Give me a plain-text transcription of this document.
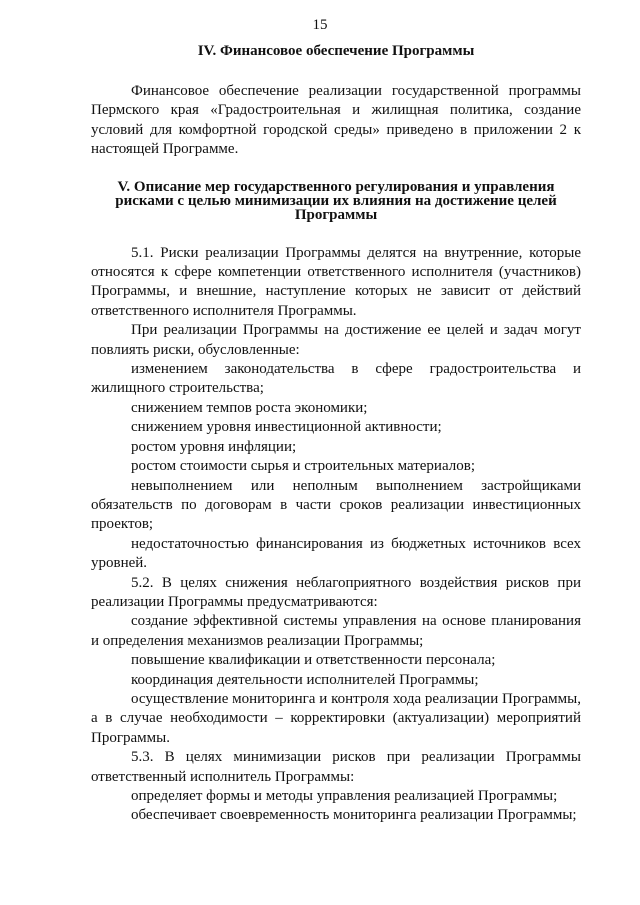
15

IV. Финансовое обеспечение Программы

Финансовое обеспечение реализации государственной программы Пермского края «Градостроительная и жилищная политика, создание условий для комфортной городской среды» приведено в приложении 2 к настоящей Программе.

V. Описание мер государственного регулирования и управления рисками с целью минимизации их влияния на достижение целей Программы

5.1. Риски реализации Программы делятся на внутренние, которые относятся к сфере компетенции ответственного исполнителя (участников) Программы, и внешние, наступление которых не зависит от действий ответственного исполнителя Программы.

При реализации Программы на достижение ее целей и задач могут повлиять риски, обусловленные:

изменением законодательства в сфере градостроительства и жилищного строительства;

снижением темпов роста экономики;

снижением уровня инвестиционной активности;

ростом уровня инфляции;

ростом стоимости сырья и строительных материалов;

невыполнением или неполным выполнением застройщиками обязательств по договорам в части сроков реализации инвестиционных проектов;

недостаточностью финансирования из бюджетных источников всех уровней.

5.2. В целях снижения неблагоприятного воздействия рисков при реализации Программы предусматриваются:

создание эффективной системы управления на основе планирования и определения механизмов реализации Программы;

повышение квалификации и ответственности персонала;

координация деятельности исполнителей Программы;

осуществление мониторинга и контроля хода реализации Программы, а в случае необходимости – корректировки (актуализации) мероприятий Программы.

5.3. В целях минимизации рисков при реализации Программы ответственный исполнитель Программы:

определяет формы и методы управления реализацией Программы;

обеспечивает своевременность мониторинга реализации Программы;
